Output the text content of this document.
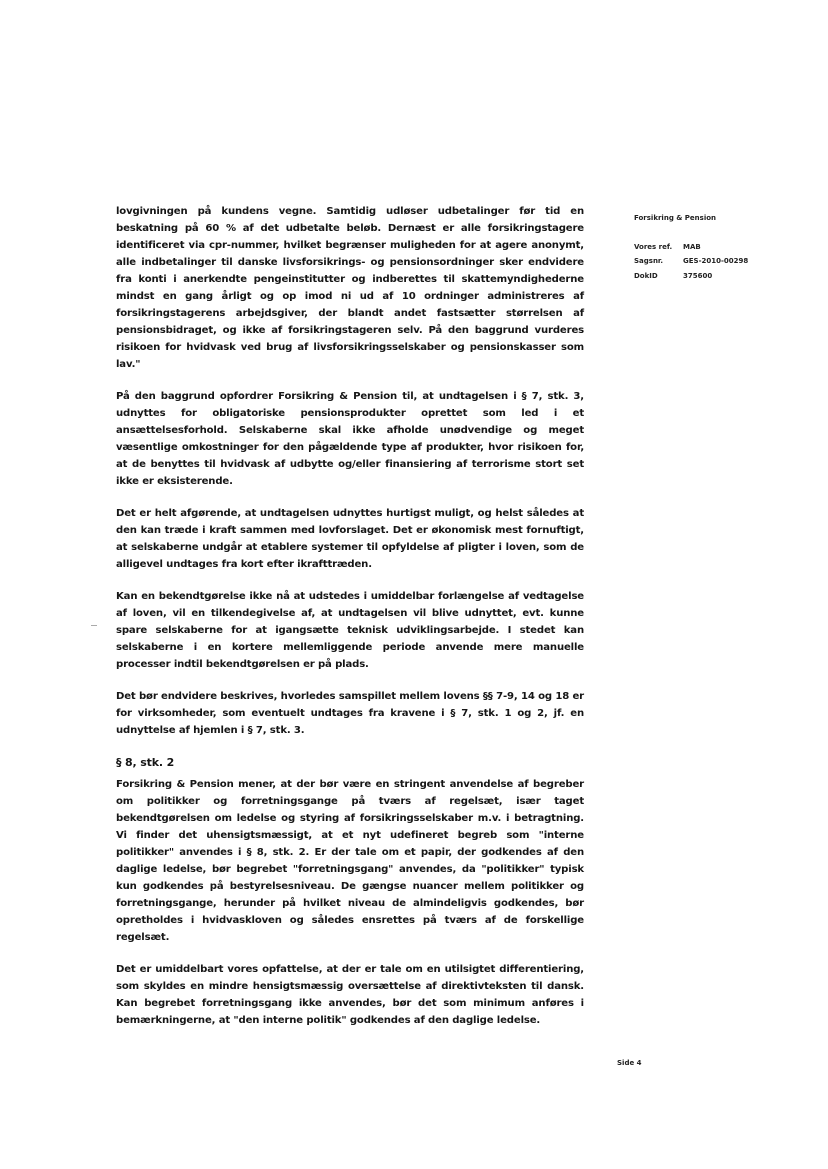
Forsikring & Pension
Vores ref.	MAB
Sagsnr.	GES-2010-00298
DokID	375600

lovgivningen på kundens vegne. Samtidig udløser udbetalinger før tid en beskatning på 60 % af det udbetalte beløb. Dernæst er alle forsikringstagere identificeret via cpr-nummer, hvilket begrænser muligheden for at agere anonymt, alle indbetalinger til danske livsforsikrings- og pensionsordninger sker endvidere fra konti i anerkendte pengeinstitutter og indberettes til skattemyndighederne mindst en gang årligt og op imod ni ud af 10 ordninger administreres af forsikringstagerens arbejdsgiver, der blandt andet fastsætter størrelsen af pensionsbidraget, og ikke af forsikringstageren selv. På den baggrund vurderes risikoen for hvidvask ved brug af livsforsikringsselskaber og pensionskasser som lav."

På den baggrund opfordrer Forsikring & Pension til, at undtagelsen i § 7, stk. 3, udnyttes for obligatoriske pensionsprodukter oprettet som led i et ansættelsesforhold. Selskaberne skal ikke afholde unødvendige og meget væsentlige omkostninger for den pågældende type af produkter, hvor risikoen for, at de benyttes til hvidvask af udbytte og/eller finansiering af terrorisme stort set ikke er eksisterende.

Det er helt afgørende, at undtagelsen udnyttes hurtigst muligt, og helst således at den kan træde i kraft sammen med lovforslaget. Det er økonomisk mest fornuftigt, at selskaberne undgår at etablere systemer til opfyldelse af pligter i loven, som de alligevel undtages fra kort efter ikrafttræden.

Kan en bekendtgørelse ikke nå at udstedes i umiddelbar forlængelse af vedtagelse af loven, vil en tilkendegivelse af, at undtagelsen vil blive udnyttet, evt. kunne spare selskaberne for at igangsætte teknisk udviklingsarbejde. I stedet kan selskaberne i en kortere mellemliggende periode anvende mere manuelle processer indtil bekendtgørelsen er på plads.

Det bør endvidere beskrives, hvorledes samspillet mellem lovens §§ 7-9, 14 og 18 er for virksomheder, som eventuelt undtages fra kravene i § 7, stk. 1 og 2, jf. en udnyttelse af hjemlen i § 7, stk. 3.

§ 8, stk. 2

Forsikring & Pension mener, at der bør være en stringent anvendelse af begreber om politikker og forretningsgange på tværs af regelsæt, især taget bekendtgørelsen om ledelse og styring af forsikringsselskaber m.v. i betragtning. Vi finder det uhensigtsmæssigt, at et nyt udefineret begreb som "interne politikker" anvendes i § 8, stk. 2. Er der tale om et papir, der godkendes af den daglige ledelse, bør begrebet "forretningsgang" anvendes, da "politikker" typisk kun godkendes på bestyrelsesniveau. De gængse nuancer mellem politikker og forretningsgange, herunder på hvilket niveau de almindeligvis godkendes, bør opretholdes i hvidvaskloven og således ensrettes på tværs af de forskellige regelsæt.

Det er umiddelbart vores opfattelse, at der er tale om en utilsigtet differentiering, som skyldes en mindre hensigtsmæssig oversættelse af direktivteksten til dansk. Kan begrebet forretningsgang ikke anvendes, bør det som minimum anføres i bemærkningerne, at "den interne politik" godkendes af den daglige ledelse.

Side 4
